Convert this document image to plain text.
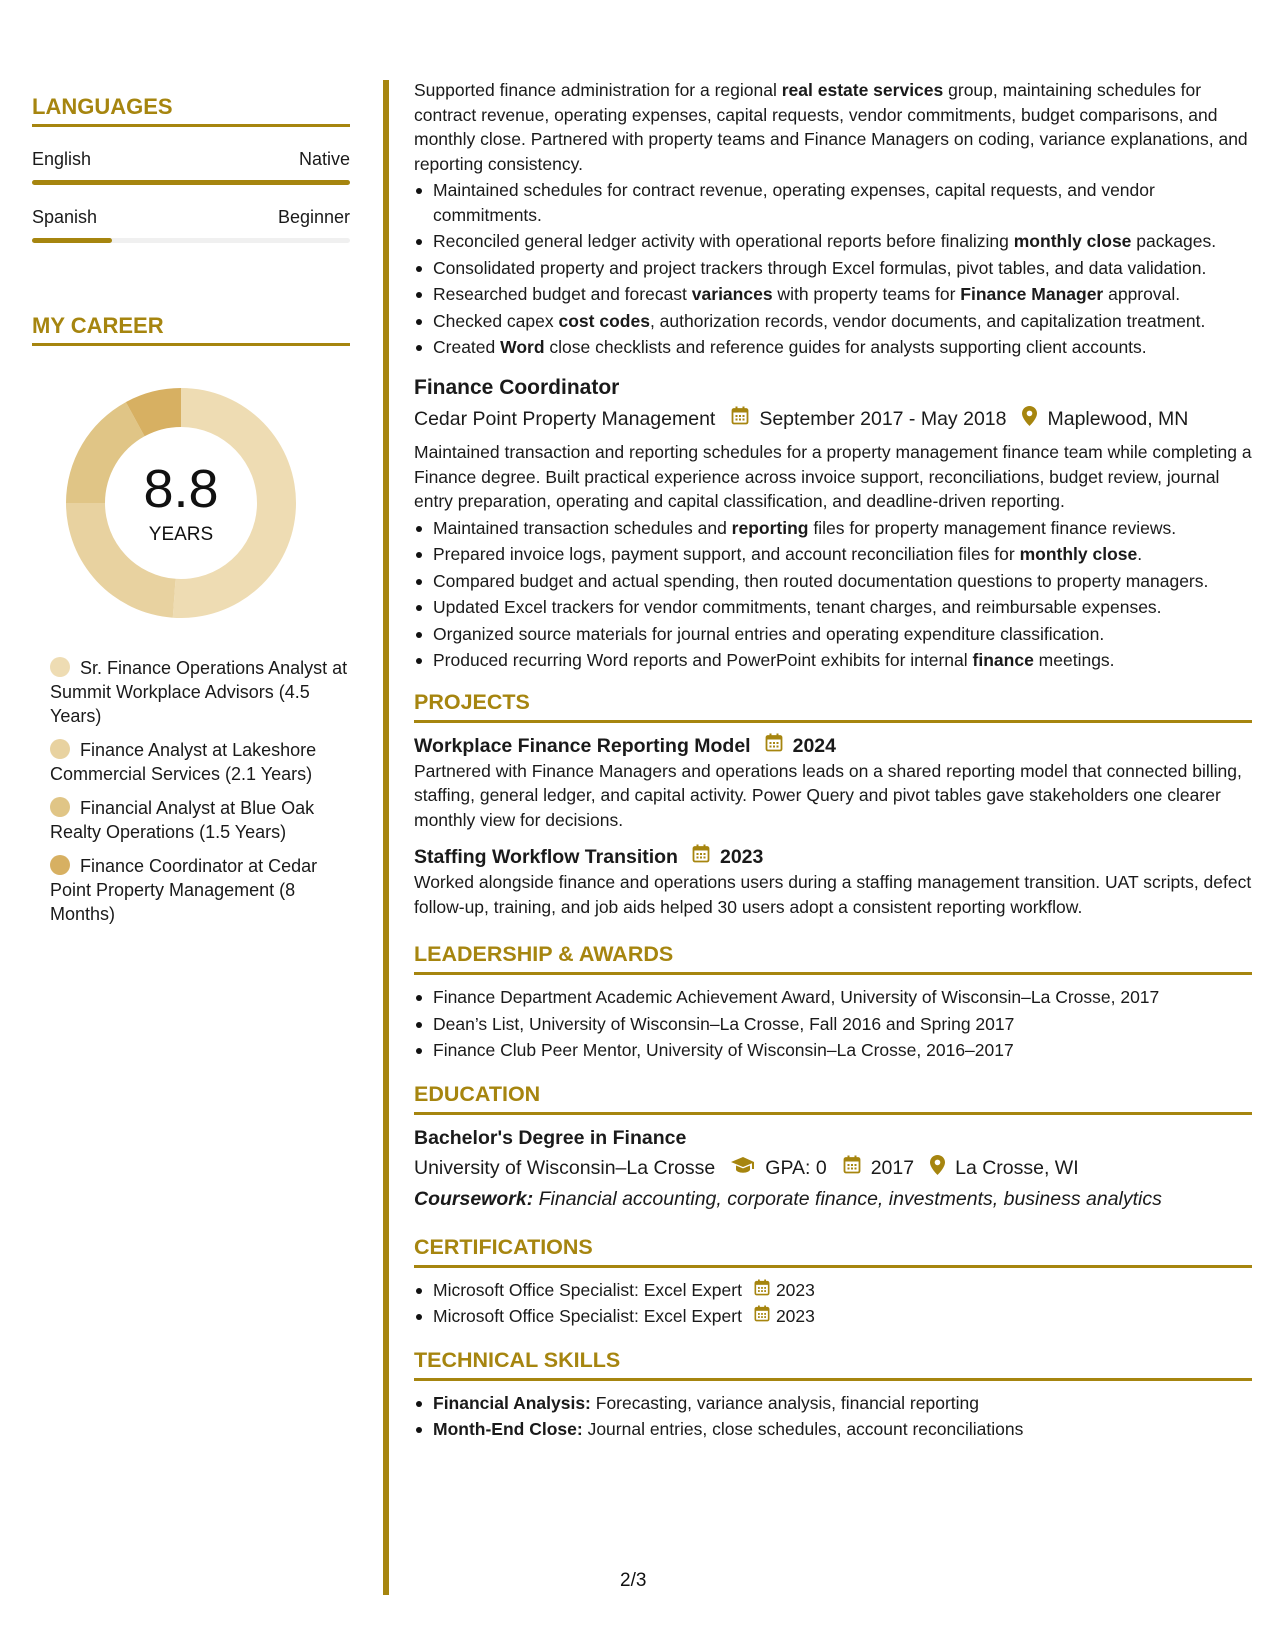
LANGUAGES
English	Native
Spanish	Beginner
MY CAREER
8.8
YEARS
Sr. Finance Operations Analyst at Summit Workplace Advisors (4.5 Years)
Finance Analyst at Lakeshore Commercial Services (2.1 Years)
Financial Analyst at Blue Oak Realty Operations (1.5 Years)
Finance Coordinator at Cedar Point Property Management (8 Months)

Supported finance administration for a regional real estate services group, maintaining schedules for contract revenue, operating expenses, capital requests, vendor commitments, budget comparisons, and monthly close. Partnered with property teams and Finance Managers on coding, variance explanations, and reporting consistency.

Maintained schedules for contract revenue, operating expenses, capital requests, and vendor commitments.
Reconciled general ledger activity with operational reports before finalizing monthly close packages.
Consolidated property and project trackers through Excel formulas, pivot tables, and data validation.
Researched budget and forecast variances with property teams for Finance Manager approval.
Checked capex cost codes, authorization records, vendor documents, and capitalization treatment.
Created Word close checklists and reference guides for analysts supporting client accounts.
Finance Coordinator
Cedar Point Property Management September 2017 - May 2018 Maplewood, MN

Maintained transaction and reporting schedules for a property management finance team while completing a Finance degree. Built practical experience across invoice support, reconciliations, budget review, journal entry preparation, operating and capital classification, and deadline-driven reporting.

Maintained transaction schedules and reporting files for property management finance reviews.
Prepared invoice logs, payment support, and account reconciliation files for monthly close.
Compared budget and actual spending, then routed documentation questions to property managers.
Updated Excel trackers for vendor commitments, tenant charges, and reimbursable expenses.
Organized source materials for journal entries and operating expenditure classification.
Produced recurring Word reports and PowerPoint exhibits for internal finance meetings.
PROJECTS
Workplace Finance Reporting Model 2024

Partnered with Finance Managers and operations leads on a shared reporting model that connected billing, staffing, general ledger, and capital activity. Power Query and pivot tables gave stakeholders one clearer monthly view for decisions.

Staffing Workflow Transition 2023

Worked alongside finance and operations users during a staffing management transition. UAT scripts, defect follow-up, training, and job aids helped 30 users adopt a consistent reporting workflow.

LEADERSHIP & AWARDS
Finance Department Academic Achievement Award, University of Wisconsin–La Crosse, 2017
Dean’s List, University of Wisconsin–La Crosse, Fall 2016 and Spring 2017
Finance Club Peer Mentor, University of Wisconsin–La Crosse, 2016–2017
EDUCATION
Bachelor's Degree in Finance
University of Wisconsin–La Crosse	GPA: 0 2017 La Crosse, WI
Coursework: Financial accounting, corporate finance, investments, business analytics
CERTIFICATIONS
Microsoft Office Specialist: Excel Expert 2023
Microsoft Office Specialist: Excel Expert 2023
TECHNICAL SKILLS
Financial Analysis: Forecasting, variance analysis, financial reporting
Month-End Close: Journal entries, close schedules, account reconciliations
2/3
